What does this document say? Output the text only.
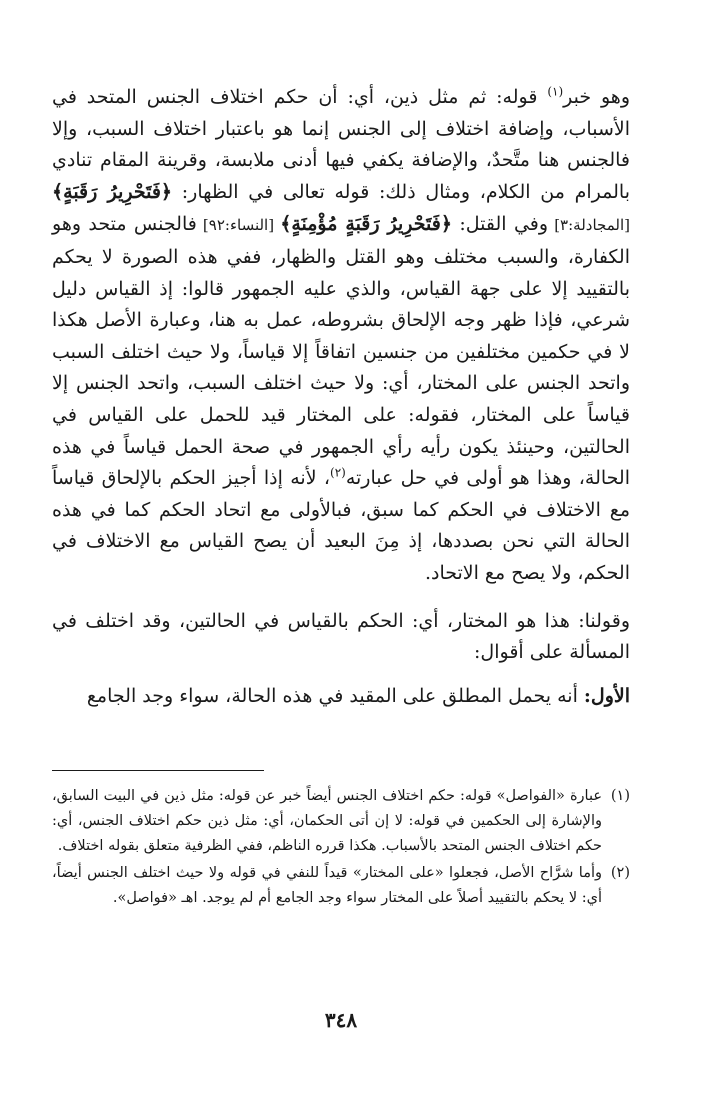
وهو خبر$^{(١)}$ قوله: ثم مثل ذين، أي: أن حكم اختلاف الجنس المتحد في الأسباب، وإضافة اختلاف إلى الجنس إنما هو باعتبار اختلاف السبب، وإلا فالجنس هنا متَّحدٌ، والإضافة يكفي فيها أدنى ملابسة، وقرينة المقام تنادي بالمرام من الكلام، ومثال ذلك: قوله تعالى في الظهار: ﴿فَتَحْرِيرُ رَقَبَةٍ﴾ [المجادلة:٣] وفي القتل: ﴿فَتَحْرِيرُ رَقَبَةٍ مُؤْمِنَةٍ﴾ [النساء:٩٢] فالجنس متحد وهو الكفارة، والسبب مختلف وهو القتل والظهار، ففي هذه الصورة لا يحكم بالتقييد إلا على جهة القياس، والذي عليه الجمهور قالوا: إذ القياس دليل شرعي، فإذا ظهر وجه الإلحاق بشروطه، عمل به هنا، وعبارة الأصل هكذا لا في حكمين مختلفين من جنسين اتفاقاً إلا قياساً، ولا حيث اختلف السبب واتحد الجنس على المختار، أي: ولا حيث اختلف السبب، واتحد الجنس إلا قياساً على المختار، فقوله: على المختار قيد للحمل على القياس في الحالتين، وحينئذ يكون رأيه رأي الجمهور في صحة الحمل قياساً في هذه الحالة، وهذا هو أولى في حل عبارته$^{(٢)}$، لأنه إذا أجيز الحكم بالإلحاق قياساً مع الاختلاف في الحكم كما سبق، فبالأولى مع اتحاد الحكم كما في هذه الحالة التي نحن بصددها، إذ مِنَ البعيد أن يصح القياس مع الاختلاف في الحكم، ولا يصح مع الاتحاد.

وقولنا: هذا هو المختار، أي: الحكم بالقياس في الحالتين، وقد اختلف في المسألة على أقوال:

الأول: أنه يحمل المطلق على المقيد في هذه الحالة، سواء وجد الجامع

(١)
عبارة «الفواصل» قوله: حكم اختلاف الجنس أيضاً خبر عن قوله: مثل ذين في البيت السابق، والإشارة إلى الحكمين في قوله: لا إن أتى الحكمان، أي: مثل ذين حكم اختلاف الجنس، أي: حكم اختلاف الجنس المتحد بالأسباب. هكذا قرره الناظم، ففي الظرفية متعلق بقوله اختلاف.

(٢)
وأما شرَّاح الأصل، فجعلوا «على المختار» قيداً للنفي في قوله ولا حيث اختلف الجنس أيضاً، أي: لا يحكم بالتقييد أصلاً على المختار سواء وجد الجامع أم لم يوجد. اهـ «فواصل».

٣٤٨
